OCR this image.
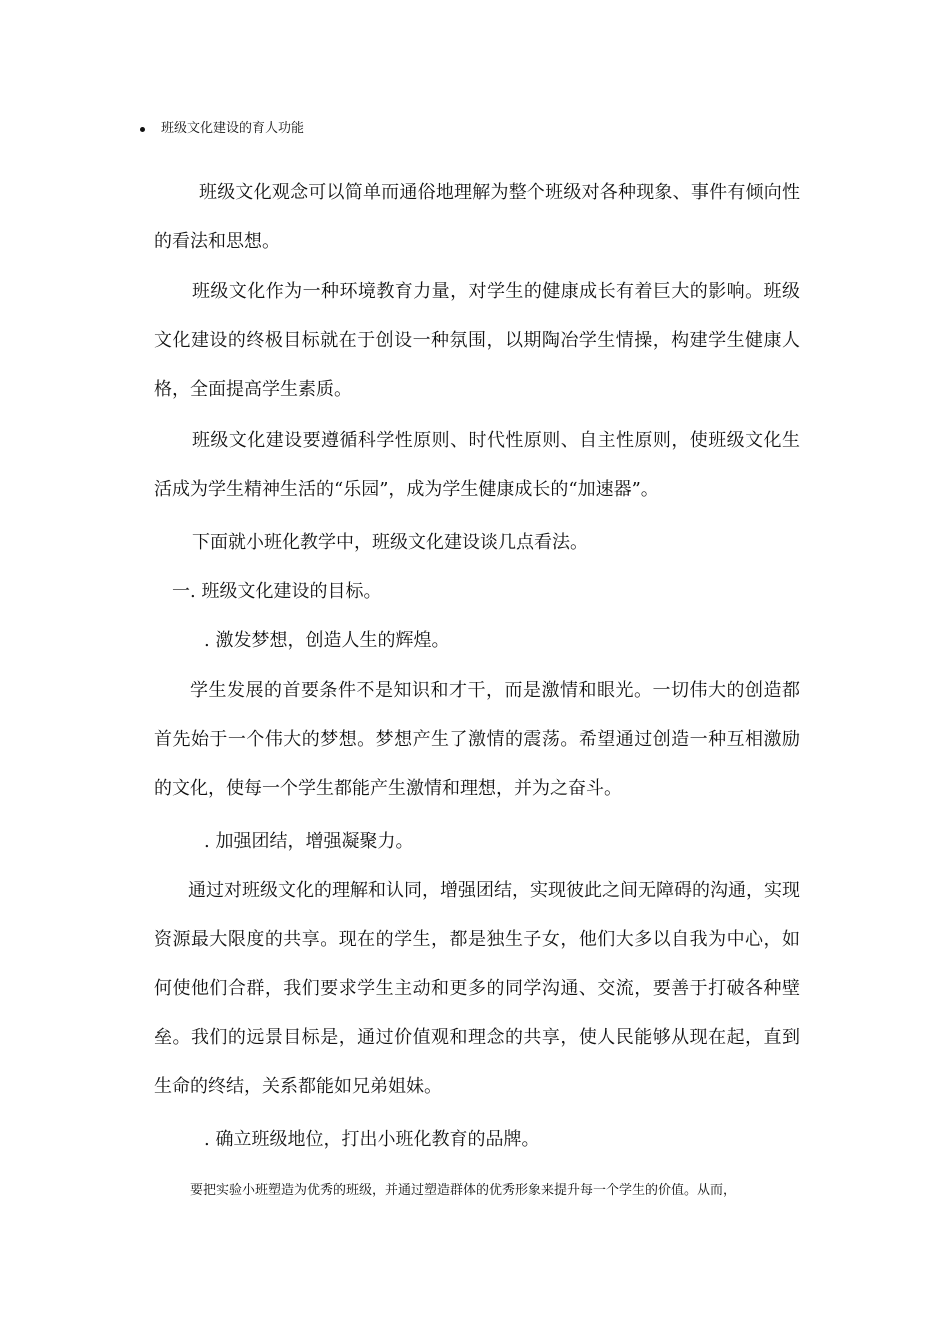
班级文化建设的育人功能

班级文化观念可以简单而通俗地理解为整个班级对各种现象、事件有倾向性的看法和思想。

班级文化作为一种环境教育力量，对学生的健康成长有着巨大的影响。班级文化建设的终极目标就在于创设一种氛围，以期陶冶学生情操，构建学生健康人格，全面提高学生素质。

班级文化建设要遵循科学性原则、时代性原则、自主性原则，使班级文化生活成为学生精神生活的“乐园”，成为学生健康成长的“加速器”。

下面就小班化教学中，班级文化建设谈几点看法。

一. 班级文化建设的目标。

. 激发梦想，创造人生的辉煌。

学生发展的首要条件不是知识和才干，而是激情和眼光。一切伟大的创造都首先始于一个伟大的梦想。梦想产生了激情的震荡。希望通过创造一种互相激励的文化，使每一个学生都能产生激情和理想，并为之奋斗。

. 加强团结，增强凝聚力。

通过对班级文化的理解和认同，增强团结，实现彼此之间无障碍的沟通，实现资源最大限度的共享。现在的学生，都是独生子女，他们大多以自我为中心，如何使他们合群，我们要求学生主动和更多的同学沟通、交流，要善于打破各种壁垒。我们的远景目标是，通过价值观和理念的共享，使人民能够从现在起，直到生命的终结，关系都能如兄弟姐妹。

. 确立班级地位，打出小班化教育的品牌。

要把实验小班塑造为优秀的班级，并通过塑造群体的优秀形象来提升每一个学生的价值。从而，
